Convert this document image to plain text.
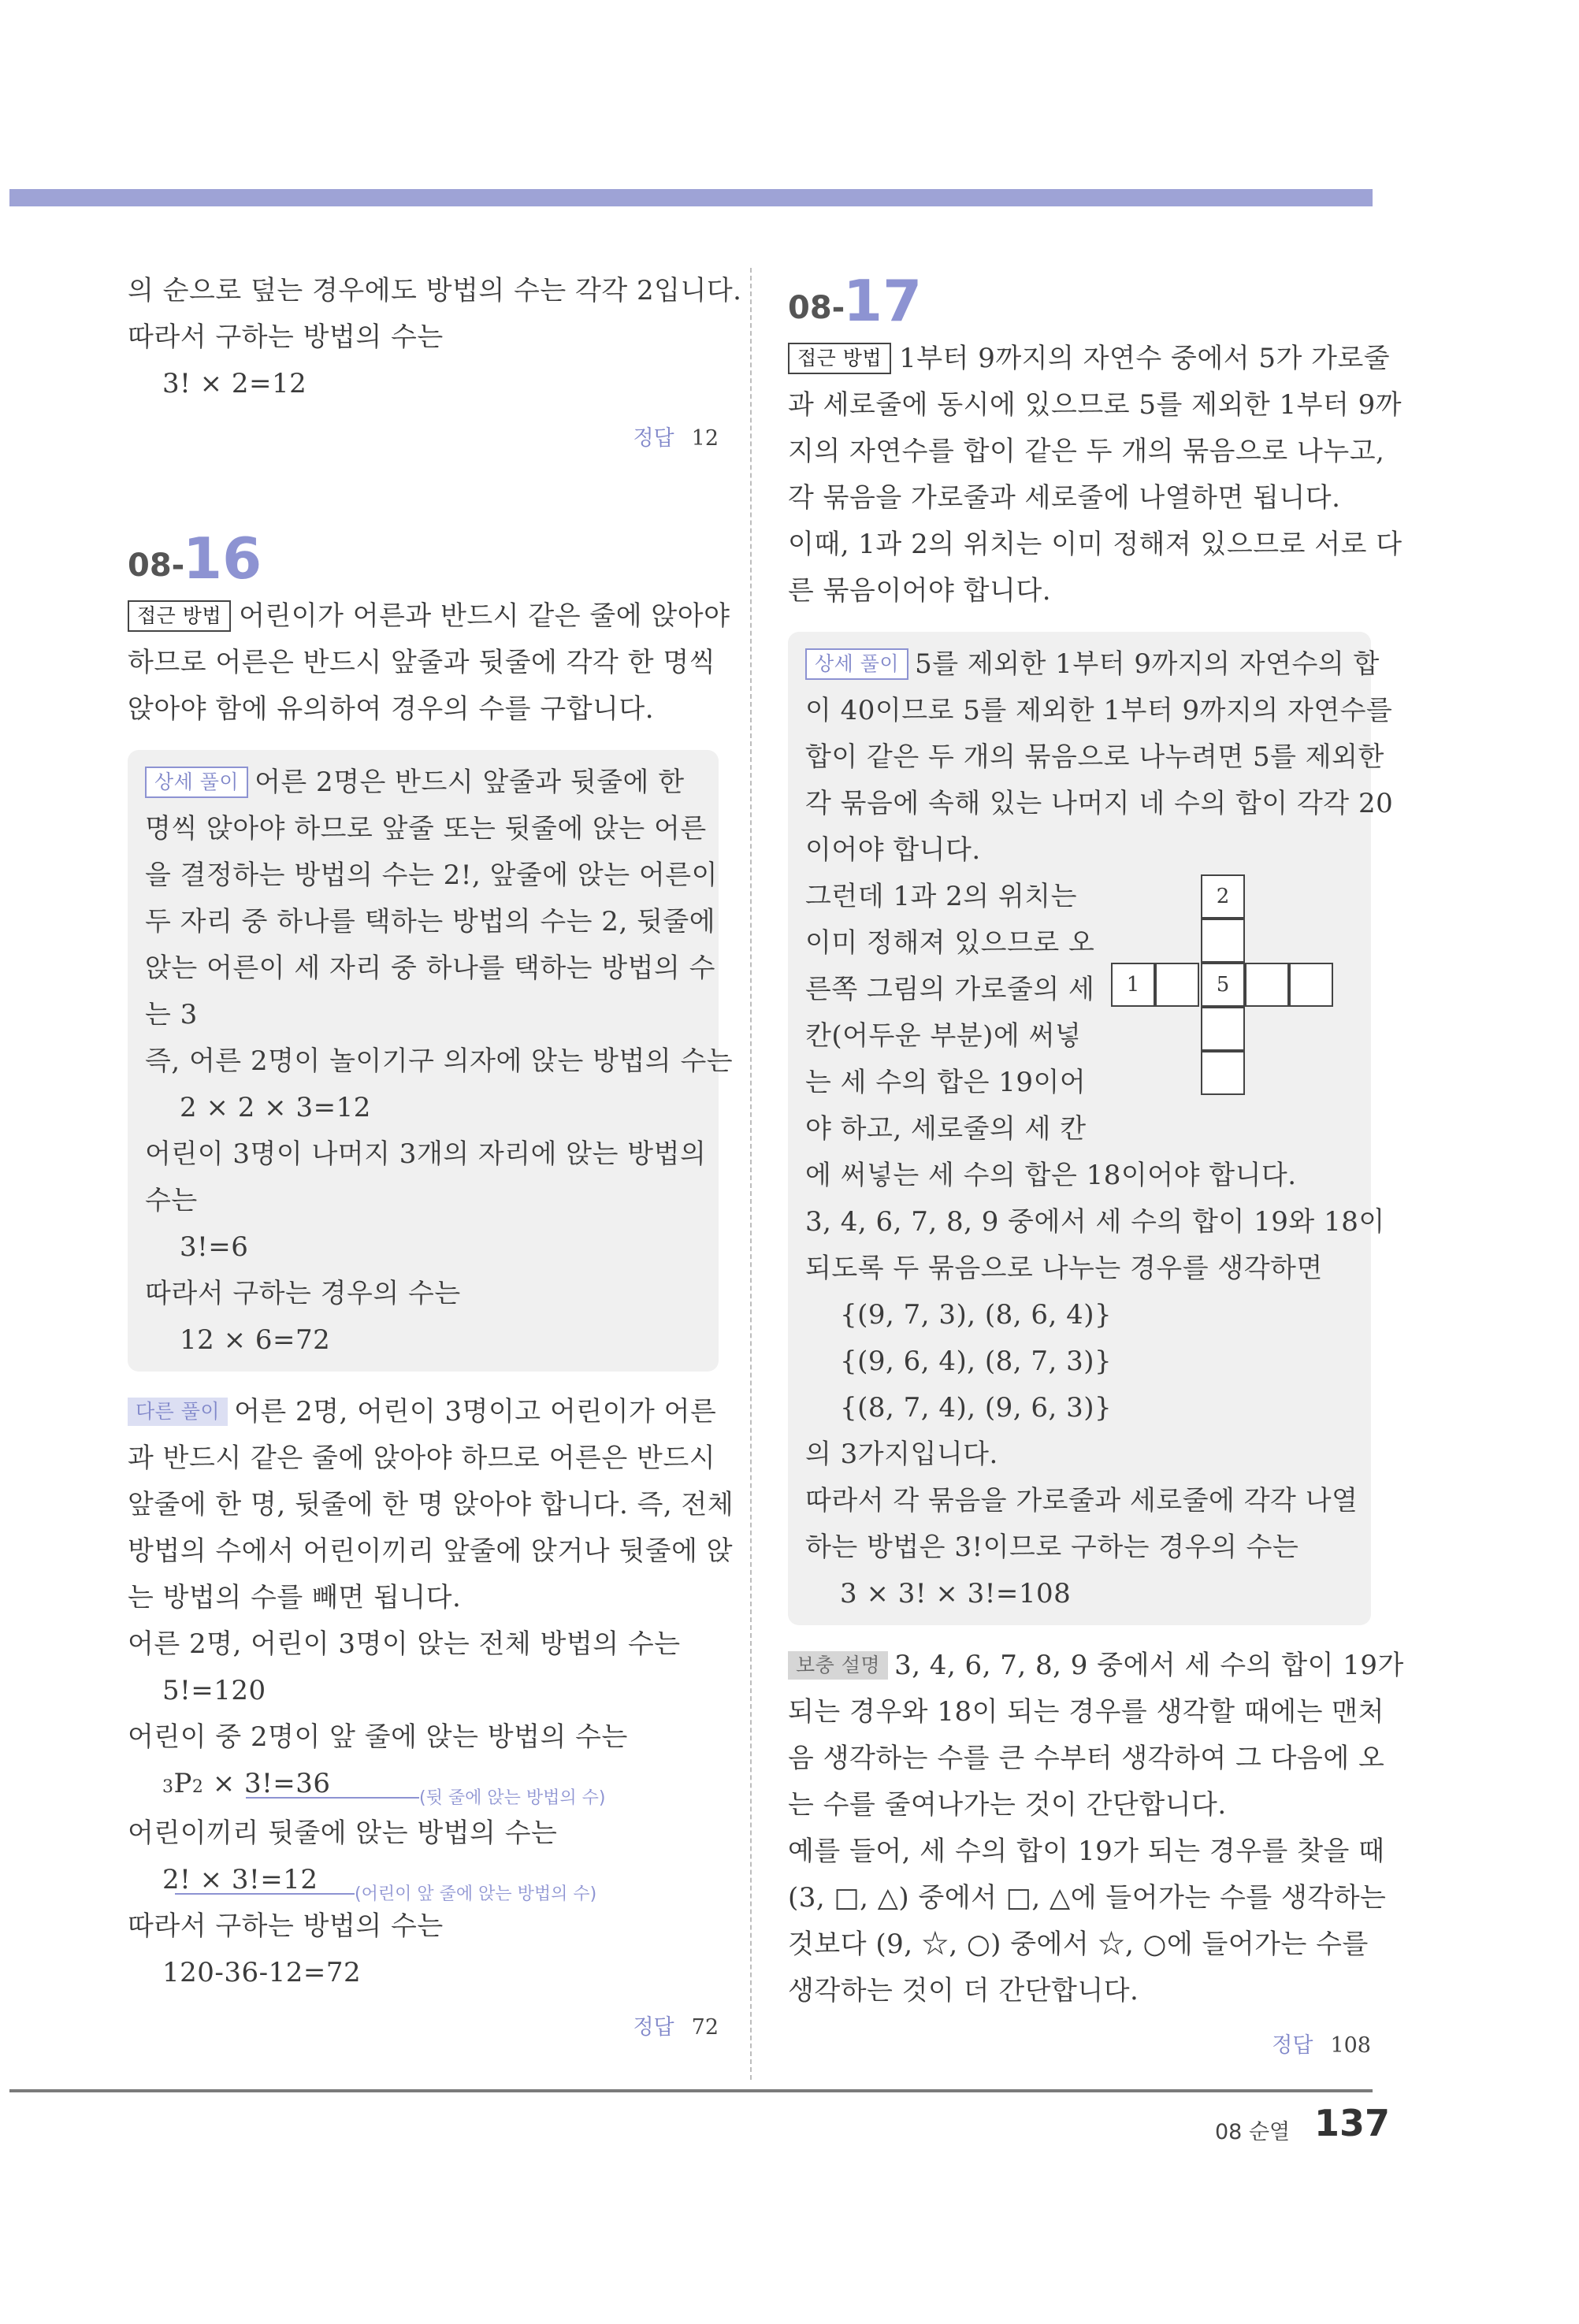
의 순으로 덮는 경우에도 방법의 수는 각각 2입니다.

따라서 구하는 방법의 수는

3! × 2=12

정답 12
08-
16

접근 방법 어린이가 어른과 반드시 같은 줄에 앉아야

하므로 어른은 반드시 앞줄과 뒷줄에 각각 한 명씩

앉아야 함에 유의하여 경우의 수를 구합니다.

상세 풀이 어른 2명은 반드시 앞줄과 뒷줄에 한

명씩 앉아야 하므로 앞줄 또는 뒷줄에 앉는 어른

을 결정하는 방법의 수는 2!, 앞줄에 앉는 어른이

두 자리 중 하나를 택하는 방법의 수는 2, 뒷줄에

앉는 어른이 세 자리 중 하나를 택하는 방법의 수

는 3

즉, 어른 2명이 놀이기구 의자에 앉는 방법의 수는

2 × 2 × 3=12

어린이 3명이 나머지 3개의 자리에 앉는 방법의

수는

3!=6

따라서 구하는 경우의 수는

12 × 6=72

다른 풀이 어른 2명, 어린이 3명이고 어린이가 어른

과 반드시 같은 줄에 앉아야 하므로 어른은 반드시

앞줄에 한 명, 뒷줄에 한 명 앉아야 합니다. 즉, 전체

방법의 수에서 어린이끼리 앞줄에 앉거나 뒷줄에 앉

는 방법의 수를 빼면 됩니다.

어른 2명, 어린이 3명이 앉는 전체 방법의 수는

5!=120

어린이 중 2명이 앞 줄에 앉는 방법의 수는

3P2 × 3!=36	(뒷 줄에 앉는 방법의 수)

어린이끼리 뒷줄에 앉는 방법의 수는

2! × 3!=12	(어린이 앞 줄에 앉는 방법의 수)

따라서 구하는 방법의 수는

120-36-12=72

정답 72
08-
17

접근 방법 1부터 9까지의 자연수 중에서 5가 가로줄

과 세로줄에 동시에 있으므로 5를 제외한 1부터 9까

지의 자연수를 합이 같은 두 개의 묶음으로 나누고,

각 묶음을 가로줄과 세로줄에 나열하면 됩니다.

이때, 1과 2의 위치는 이미 정해져 있으므로 서로 다

른 묶음이어야 합니다.

상세 풀이 5를 제외한 1부터 9까지의 자연수의 합

이 40이므로 5를 제외한 1부터 9까지의 자연수를

합이 같은 두 개의 묶음으로 나누려면 5를 제외한

각 묶음에 속해 있는 나머지 네 수의 합이 각각 20

이어야 합니다.

그런데 1과 2의 위치는

이미 정해져 있으므로 오

른쪽 그림의 가로줄의 세

칸(어두운 부분)에 써넣

는 세 수의 합은 19이어

야 하고, 세로줄의 세 칸

에 써넣는 세 수의 합은 18이어야 합니다.

3, 4, 6, 7, 8, 9 중에서 세 수의 합이 19와 18이

되도록 두 묶음으로 나누는 경우를 생각하면

{(9, 7, 3), (8, 6, 4)}

{(9, 6, 4), (8, 7, 3)}

{(8, 7, 4), (9, 6, 3)}

의 3가지입니다.

따라서 각 묶음을 가로줄과 세로줄에 각각 나열

하는 방법은 3!이므로 구하는 경우의 수는

3 × 3! × 3!=108

2
1	5

보충 설명 3, 4, 6, 7, 8, 9 중에서 세 수의 합이 19가

되는 경우와 18이 되는 경우를 생각할 때에는 맨처

음 생각하는 수를 큰 수부터 생각하여 그 다음에 오

는 수를 줄여나가는 것이 간단합니다.

예를 들어, 세 수의 합이 19가 되는 경우를 찾을 때

(3, □, △) 중에서 □, △에 들어가는 수를 생각하는

것보다 (9, ☆, ○) 중에서 ☆, ○에 들어가는 수를

생각하는 것이 더 간단합니다.

정답 108
08 순열 137
